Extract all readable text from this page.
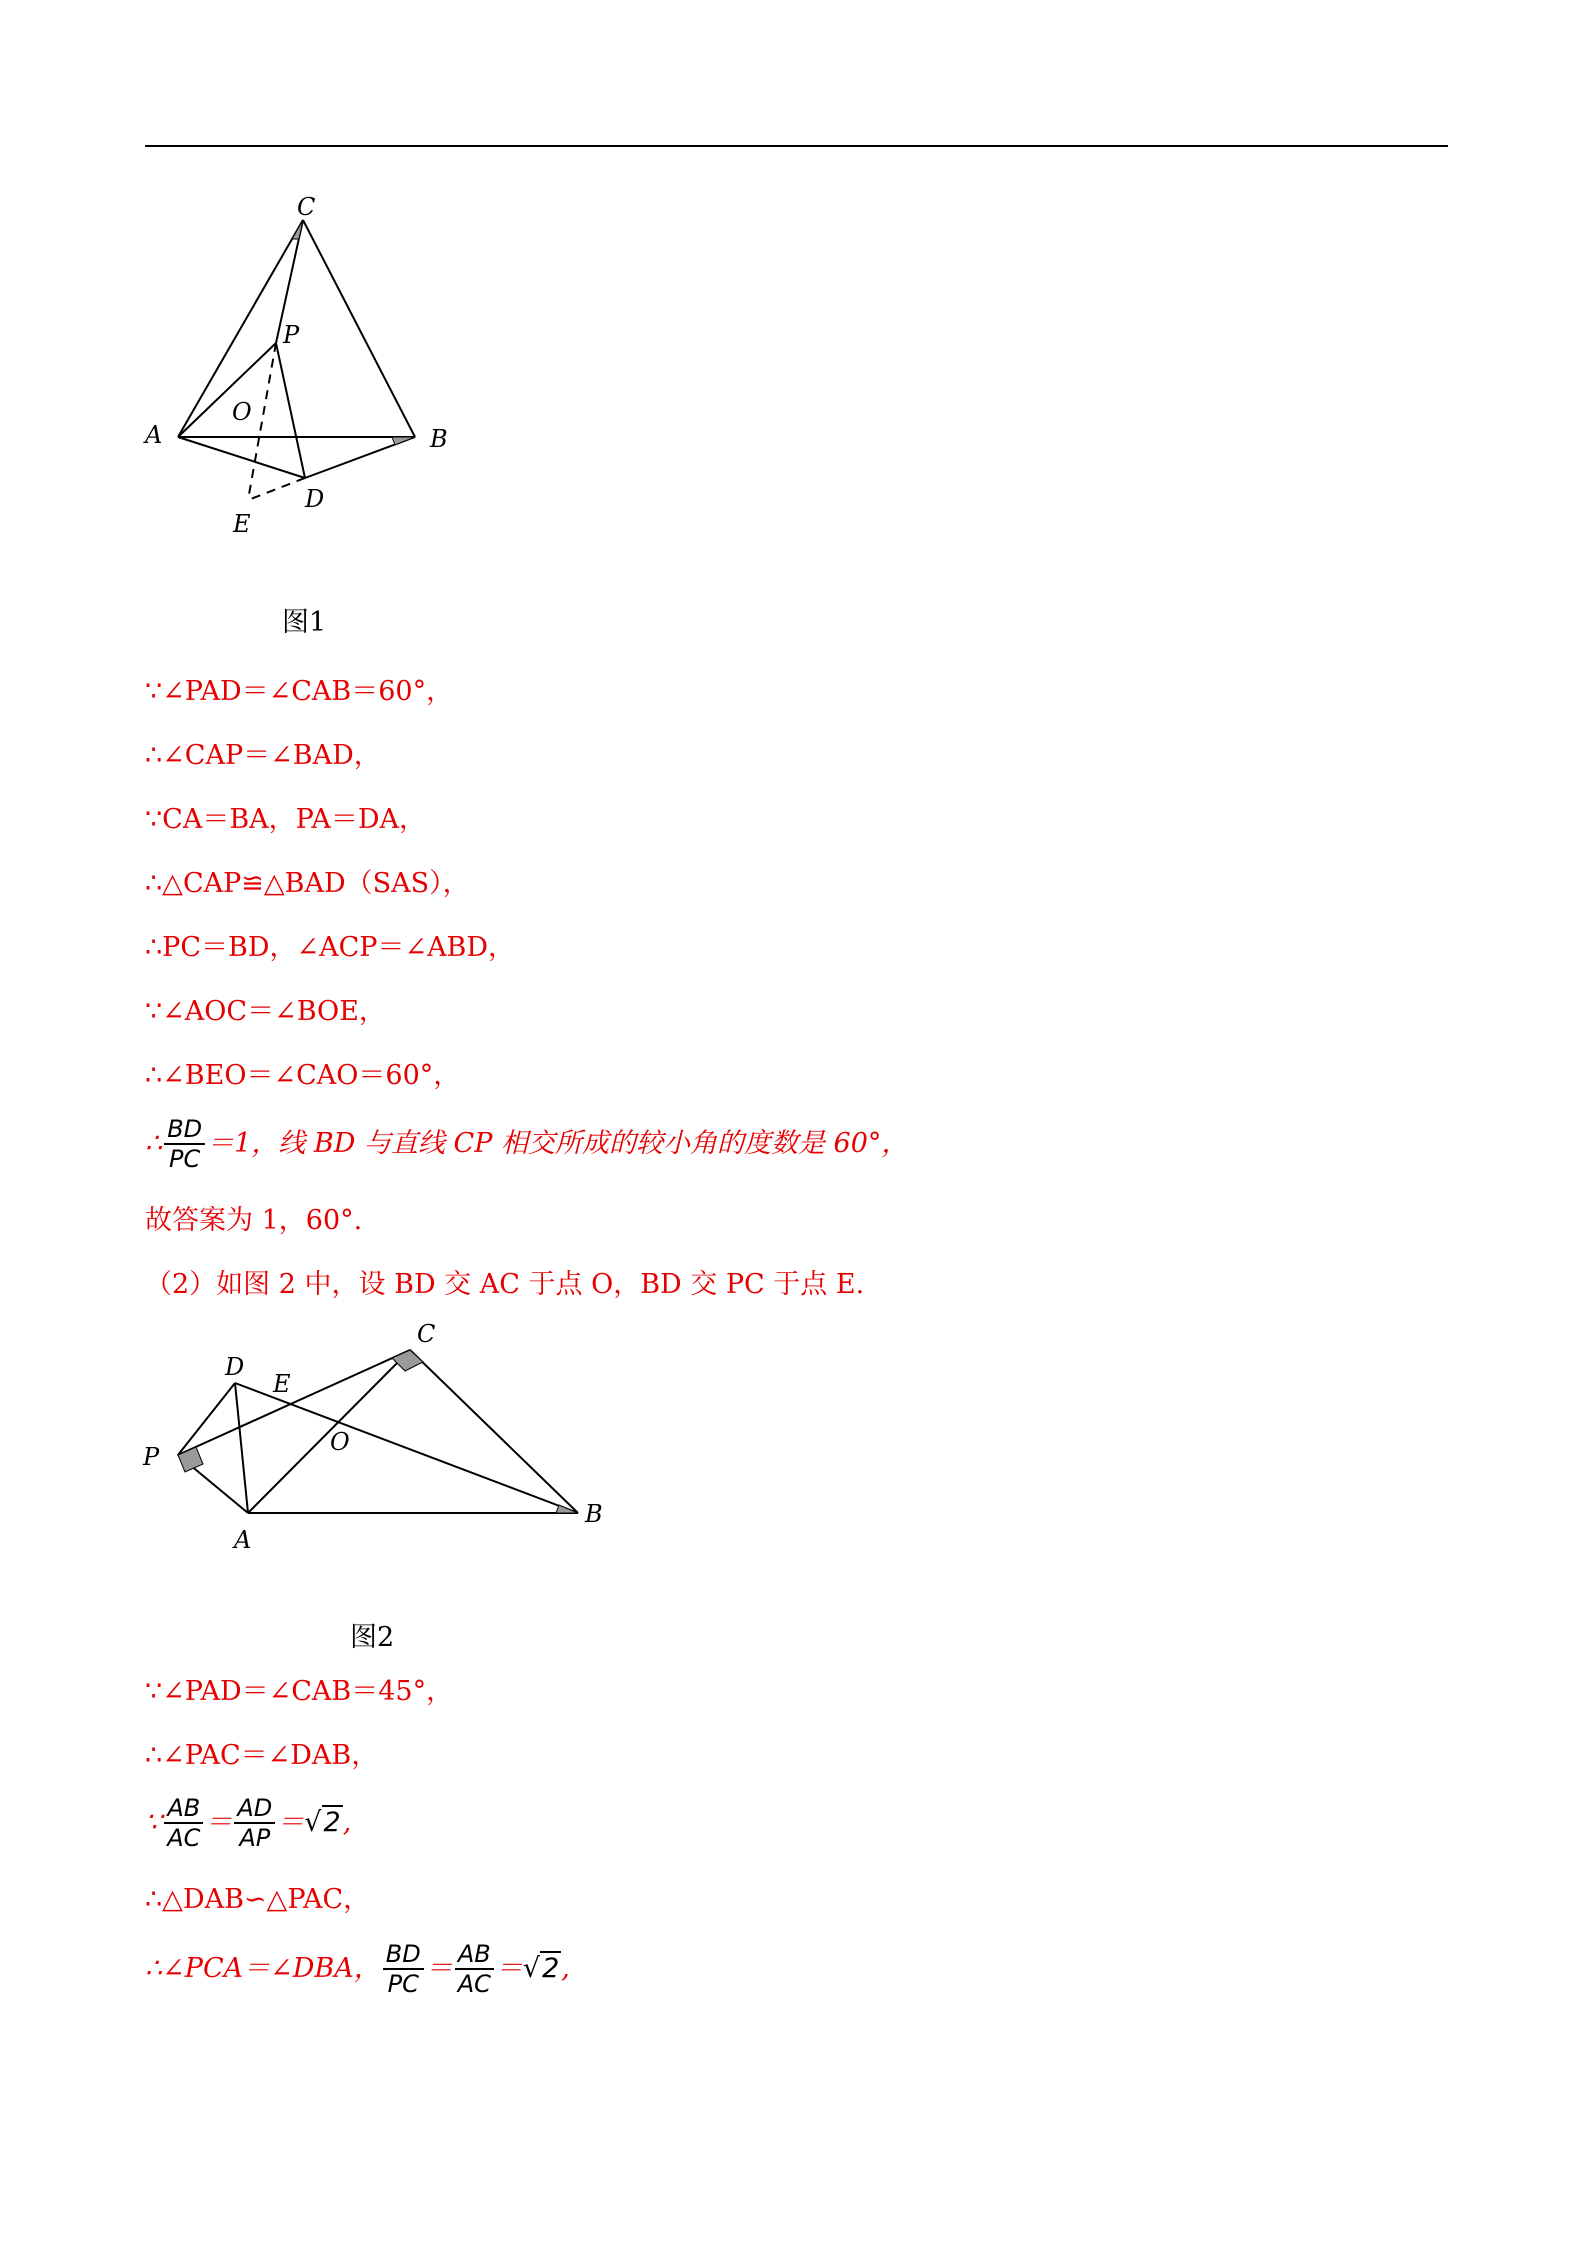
C
P
A
O
B
D
E
图1
∵∠PAD＝∠CAB＝60°，
∴∠CAP＝∠BAD，
∵CA＝BA，PA＝DA，
∴△CAP≌△BAD（SAS），
∴PC＝BD，∠ACP＝∠ABD，
∵∠AOC＝∠BOE，
∴∠BEO＝∠CAO＝60°，
∴ $\frac{BD}{PC} =1$，线 BD 与直线 CP 相交所成的较小角的度数是 60°，
故答案为 1，60°.
（2）如图 2 中，设 BD 交 AC 于点 O，BD 交 PC 于点 E.
D
E
C
O
P
B
A
图2
∵∠PAD＝∠CAB＝45°，
∴∠PAC＝∠DAB，
∵ $\frac{AB}{AC} = \frac{AD}{AP} = √2$ ,
∴△DAB∽△PAC，
∴∠PCA＝∠DBA， $\frac{BD}{PC} = \frac{AB}{AC} = √2$ ,
